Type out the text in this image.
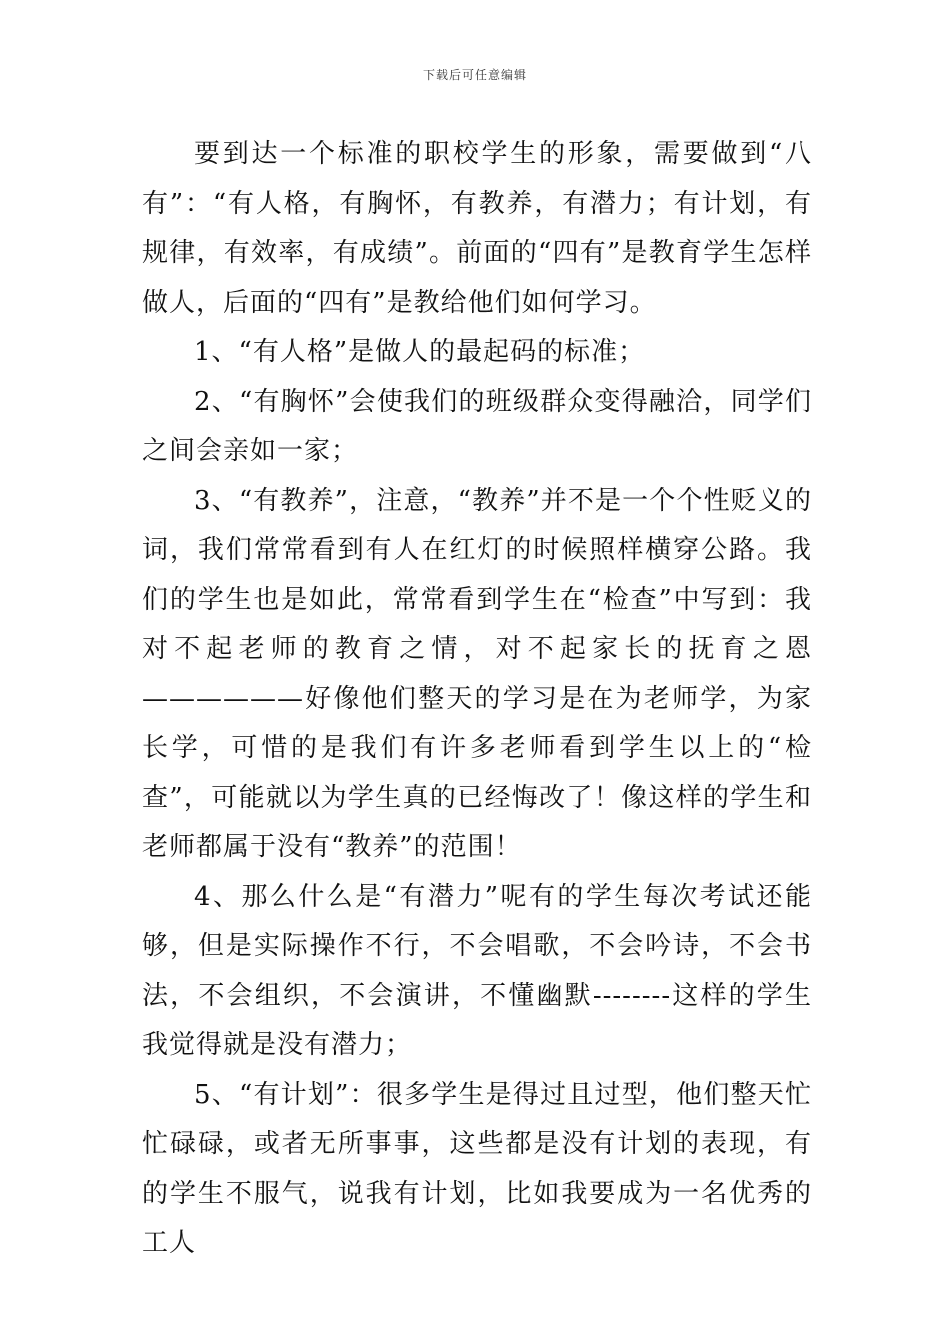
下载后可任意编辑

要到达一个标准的职校学生的形象，需要做到“八有”：“有人格，有胸怀，有教养，有潜力；有计划，有规律，有效率，有成绩”。前面的“四有”是教育学生怎样做人，后面的“四有”是教给他们如何学习。

1、“有人格”是做人的最起码的标准；

2、“有胸怀”会使我们的班级群众变得融洽，同学们之间会亲如一家；

3、“有教养”，注意，“教养”并不是一个个性贬义的词，我们常常看到有人在红灯的时候照样横穿公路。我们的学生也是如此，常常看到学生在“检查”中写到：我对不起老师的教育之情，对不起家长的抚育之恩——————好像他们整天的学习是在为老师学，为家长学，可惜的是我们有许多老师看到学生以上的“检查”，可能就以为学生真的已经悔改了！像这样的学生和老师都属于没有“教养”的范围！

4、那么什么是“有潜力”呢有的学生每次考试还能够，但是实际操作不行，不会唱歌，不会吟诗，不会书法，不会组织，不会演讲，不懂幽默--------这样的学生我觉得就是没有潜力；

5、“有计划”：很多学生是得过且过型，他们整天忙忙碌碌，或者无所事事，这些都是没有计划的表现，有的学生不服气，说我有计划，比如我要成为一名优秀的工人
